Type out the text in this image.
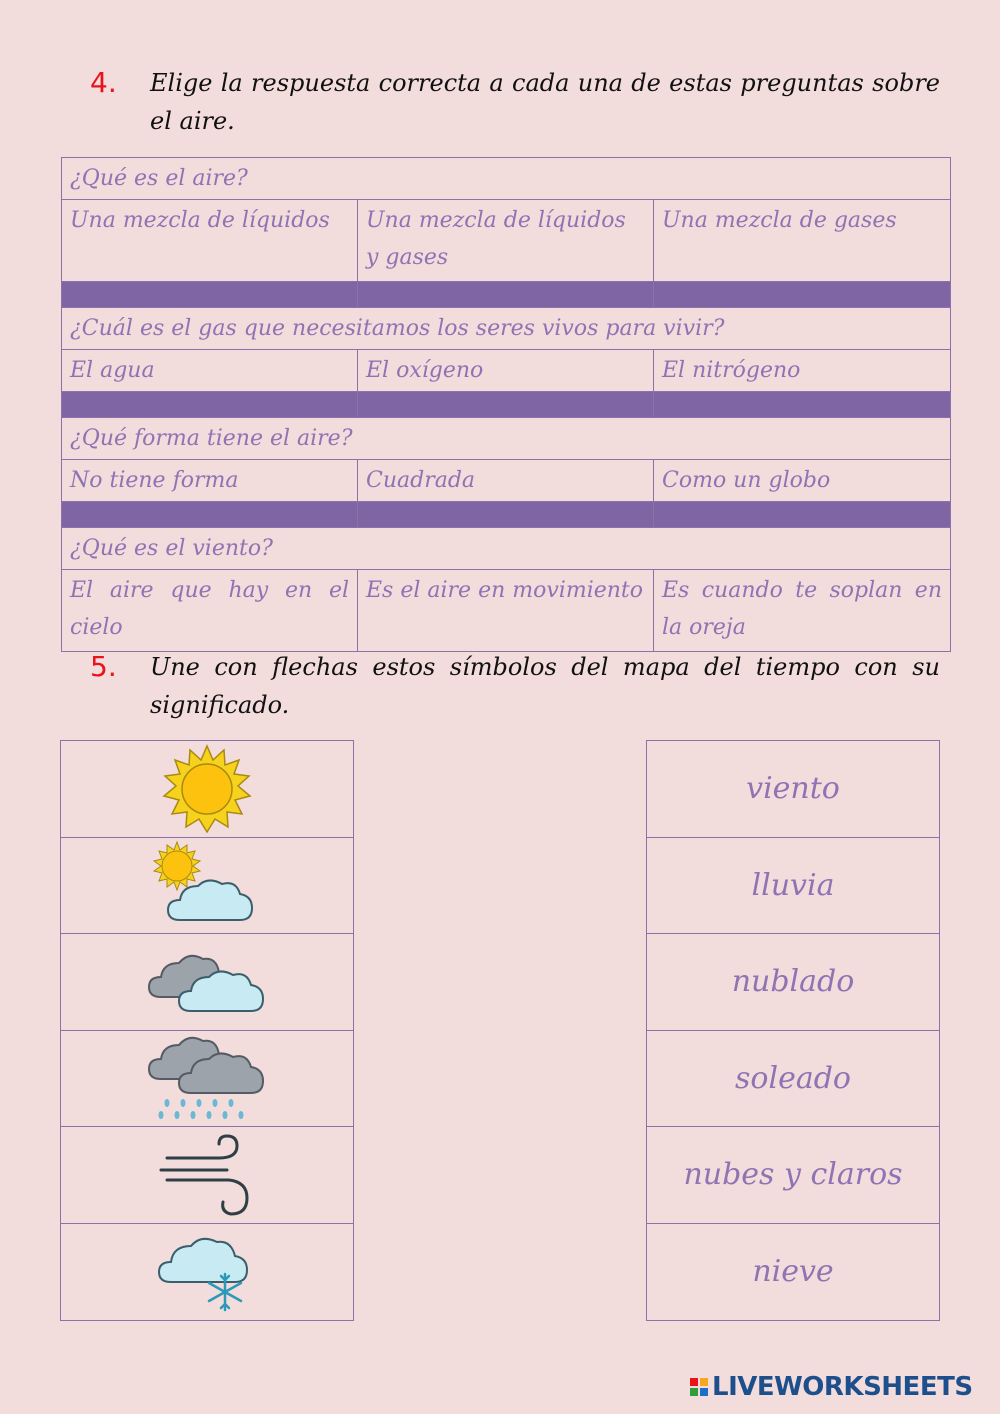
4.	Elige la respuesta correcta a cada una de estas preguntas sobre el aire.
¿Qué es el aire?		
Una mezcla de líquidos	Una mezcla de líquidos y gases	Una mezcla de gases

¿Cuál es el gas que necesitamos los seres vivos para vivir?		
El agua	El oxígeno	El nitrógeno

¿Qué forma tiene el aire?		
No tiene forma	Cuadrada	Como un globo

¿Qué es el viento?		
El aire que hay en el cielo	Es el aire en movimiento	Es cuando te soplan en la oreja
5.	Une con flechas estos símbolos del mapa del tiempo con su significado.
viento
lluvia
nublado
soleado
nubes y claros
nieve
LIVEWORKSHEETS
